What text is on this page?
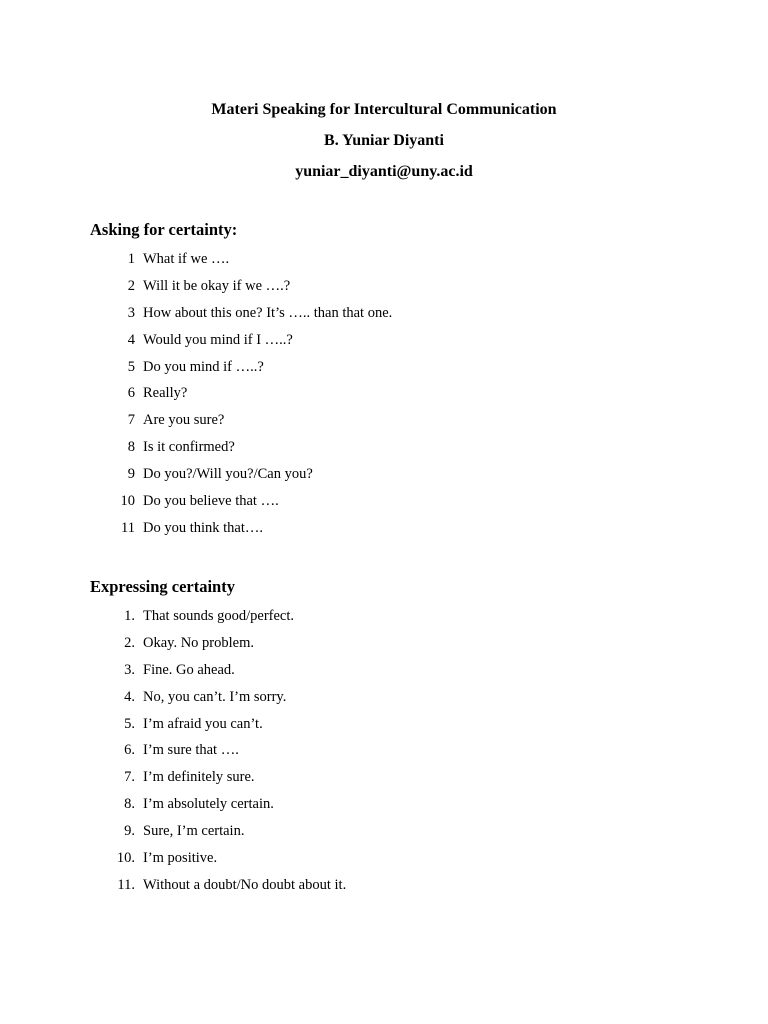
Materi Speaking for Intercultural Communication
B. Yuniar Diyanti
yuniar_diyanti@uny.ac.id
Asking for certainty:
1 What if we ….
2 Will it be okay if we ….?
3 How about this one? It’s ….. than that one.
4 Would you mind if I …..?
5 Do you mind if …..?
6 Really?
7 Are you sure?
8 Is it confirmed?
9 Do you?/Will you?/Can you?
10 Do you believe that ….
11 Do you think that….
Expressing certainty
1. That sounds good/perfect.
2. Okay. No problem.
3. Fine. Go ahead.
4. No, you can’t. I’m sorry.
5. I’m afraid you can’t.
6. I’m sure that ….
7. I’m definitely sure.
8. I’m absolutely certain.
9. Sure, I’m certain.
10. I’m positive.
11. Without a doubt/No doubt about it.
